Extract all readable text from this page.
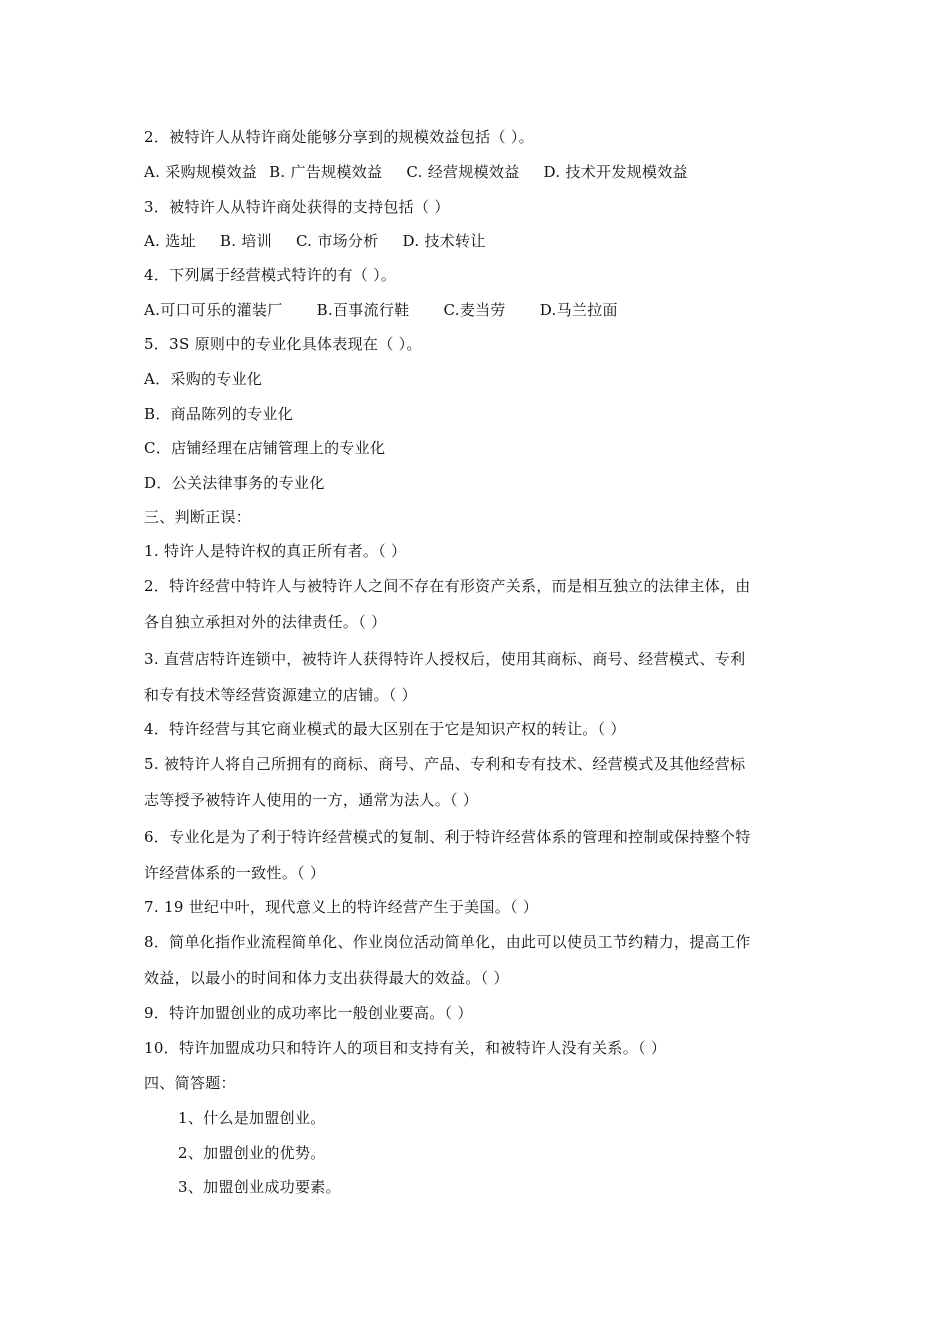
2．被特许人从特许商处能够分享到的规模效益包括（ ）。
A. 采购规模效益 B. 广告规模效益 C. 经营规模效益 D. 技术开发规模效益
3．被特许人从特许商处获得的支持包括（ ）
A. 选址 B. 培训 C. 市场分析 D. 技术转让
4．下列属于经营模式特许的有（ ）。
A.可口可乐的灌装厂 B.百事流行鞋 C.麦当劳 D.马兰拉面
5．3S 原则中的专业化具体表现在（ ）。
A．采购的专业化
B．商品陈列的专业化
C．店铺经理在店铺管理上的专业化
D．公关法律事务的专业化
三、判断正误：
1. 特许人是特许权的真正所有者。（ ）
2．特许经营中特许人与被特许人之间不存在有形资产关系，而是相互独立的法律主体，由
各自独立承担对外的法律责任。（ ）
3. 直营店特许连锁中，被特许人获得特许人授权后，使用其商标、商号、经营模式、专利
和专有技术等经营资源建立的店铺。（ ）
4．特许经营与其它商业模式的最大区别在于它是知识产权的转让。（ ）
5. 被特许人将自己所拥有的商标、商号、产品、专利和专有技术、经营模式及其他经营标
志等授予被特许人使用的一方，通常为法人。（ ）
6．专业化是为了利于特许经营模式的复制、利于特许经营体系的管理和控制或保持整个特
许经营体系的一致性。（ ）
7. 19 世纪中叶，现代意义上的特许经营产生于美国。（ ）
8．简单化指作业流程简单化、作业岗位活动简单化，由此可以使员工节约精力，提高工作
效益，以最小的时间和体力支出获得最大的效益。（ ）
9．特许加盟创业的成功率比一般创业要高。（ ）
10．特许加盟成功只和特许人的项目和支持有关，和被特许人没有关系。（ ）
四、简答题：
1、什么是加盟创业。
2、加盟创业的优势。
3、加盟创业成功要素。
